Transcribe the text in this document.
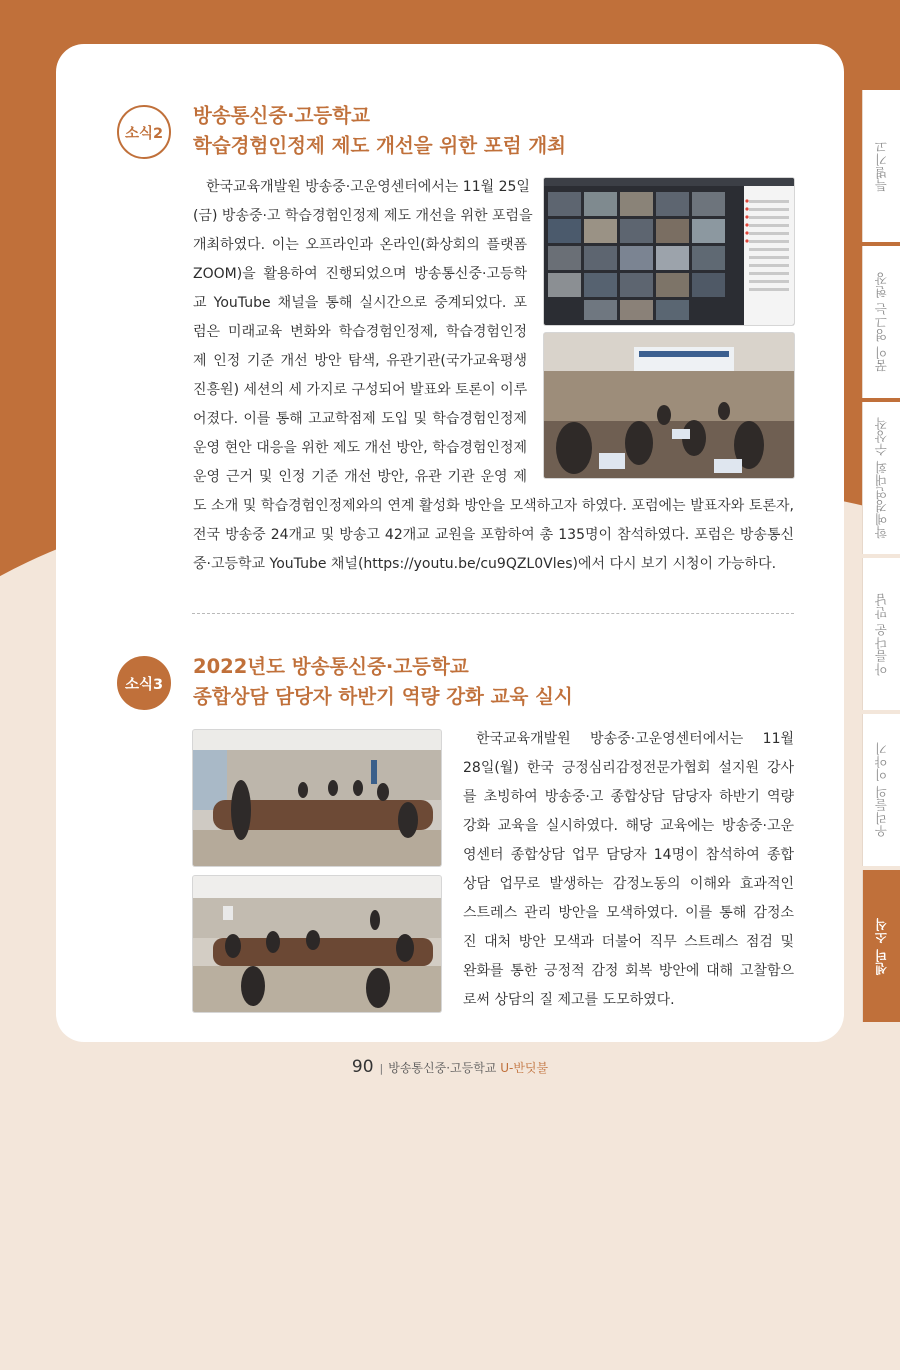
특별기고
꿈이 영그는 현장
학예경연대회 수상작
아름다운 만남
우리들의 이야기
센터 소식
소식2
방송통신중·고등학교
학습경험인정제 제도 개선을 위한 포럼 개최

한국교육개발원 방송중·고운영센터에서는 11월 25일
(금) 방송중·고 학습경험인정제 제도 개선을 위한 포럼을
개최하였다. 이는 오프라인과 온라인(화상회의 플랫폼
ZOOM)을 활용하여 진행되었으며 방송통신중·고등학
교 YouTube 채널을 통해 실시간으로 중계되었다. 포
럼은 미래교육 변화와 학습경험인정제, 학습경험인정
제 인정 기준 개선 방안 탐색, 유관기관(국가교육평생
진흥원) 세션의 세 가지로 구성되어 발표와 토론이 이루
어졌다. 이를 통해 고교학점제 도입 및 학습경험인정제
운영 현안 대응을 위한 제도 개선 방안, 학습경험인정제
운영 근거 및 인정 기준 개선 방안, 유관 기관 운영 제

도 소개 및 학습경험인정제와의 연계 활성화 방안을 모색하고자 하였다. 포럼에는 발표자와 토론자,
전국 방송중 24개교 및 방송고 42개교 교원을 포함하여 총 135명이 참석하였다. 포럼은 방송통신
중·고등학교 YouTube 채널(https://youtu.be/cu9QZL0Vles)에서 다시 보기 시청이 가능하다.

소식3
2022년도 방송통신중·고등학교
종합상담 담당자 하반기 역량 강화 교육 실시

한국교육개발원 방송중·고운영센터에서는 11월
28일(월) 한국 긍정심리감정전문가협회 설지원 강사
를 초빙하여 방송중·고 종합상담 담당자 하반기 역량
강화 교육을 실시하였다. 해당 교육에는 방송중·고운
영센터 종합상담 업무 담당자 14명이 참석하여 종합
상담 업무로 발생하는 감정노동의 이해와 효과적인
스트레스 관리 방안을 모색하였다. 이를 통해 감정소
진 대처 방안 모색과 더불어 직무 스트레스 점검 및
완화를 통한 긍정적 감정 회복 방안에 대해 고찰함으
로써 상담의 질 제고를 도모하였다.

90 | 방송통신중·고등학교 U-반딧불
